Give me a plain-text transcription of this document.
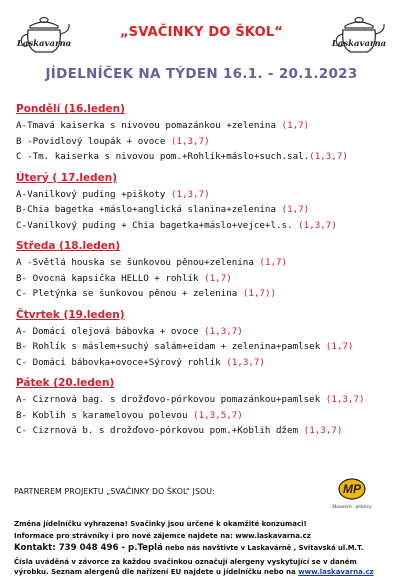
Laskavarna	Laskavarna
„SVAČINKY DO ŠKOL“
JÍDELNÍČEK NA TÝDEN 16.1. - 20.1.2023
Pondělí (16.leden)
A-Tmavá kaiserka s nivovou pomazánkou +zelenina (1,7)
B -Povidlový loupák + ovoce (1,3,7)
C -Tm. kaiserka s nivovou pom.+Rohlík+máslo+such.sal.(1,3,7)
Úterý ( 17.leden)
A-Vanilkový puding +piškoty (1,3,7)
B-Chia bagetka +máslo+anglická slanina+zelenina (1,7)
C-Vanilkový puding + Chia bagetka+máslo+vejce+l.s. (1,3,7)
Středa (18.leden)
A -Světlá houska se šunkovou pěnou+zelenina (1,7)
B- Ovocná kapsička HELLO + rohlík (1,7)
C- Pletýnka se šunkovou pěnou + zelenina (1,7))
Čtvrtek (19.leden)
A- Domácí olejová bábovka + ovoce (1,3,7)
B- Rohlík s máslem+suchý salám+eidam + zelenina+pamlsek (1,7)
C- Domácí bábovka+ovoce+Sýrový rohlík (1,3,7)
Pátek (20.leden)
A- Cizrnová bag. s drožďovo-pórkovou pomazánkou+pamlsek (1,3,7)
B- Koblih s karamelovou polevou (1,3,5,7)
C- Cizrnová b. s drožďovo-pórkovou pom.+Koblih džem (1,3,7)
PARTNEREM PROJEKTU „SVAČINKY DO ŠKOL“ JSOU:	MP
Maxxtech - pekárny
Změna jídelníčku vyhrazena! Svačinky jsou určené k okamžité konzumaci!
Informace pro strávníky i pro nové zájemce najdete na: www.laskavarna.cz
Kontakt: 739 048 496 - p.Teplá nebo nás navštivte v Laskavárně , Svitavská ul.M.T.
Čísla uváděná v závorce za každou svačinkou označují alergeny vyskytující se v daném
výrobku. Seznam alergenů dle nařízení EU najdete u jídelníčku nebo na www.laskavarna.cz
